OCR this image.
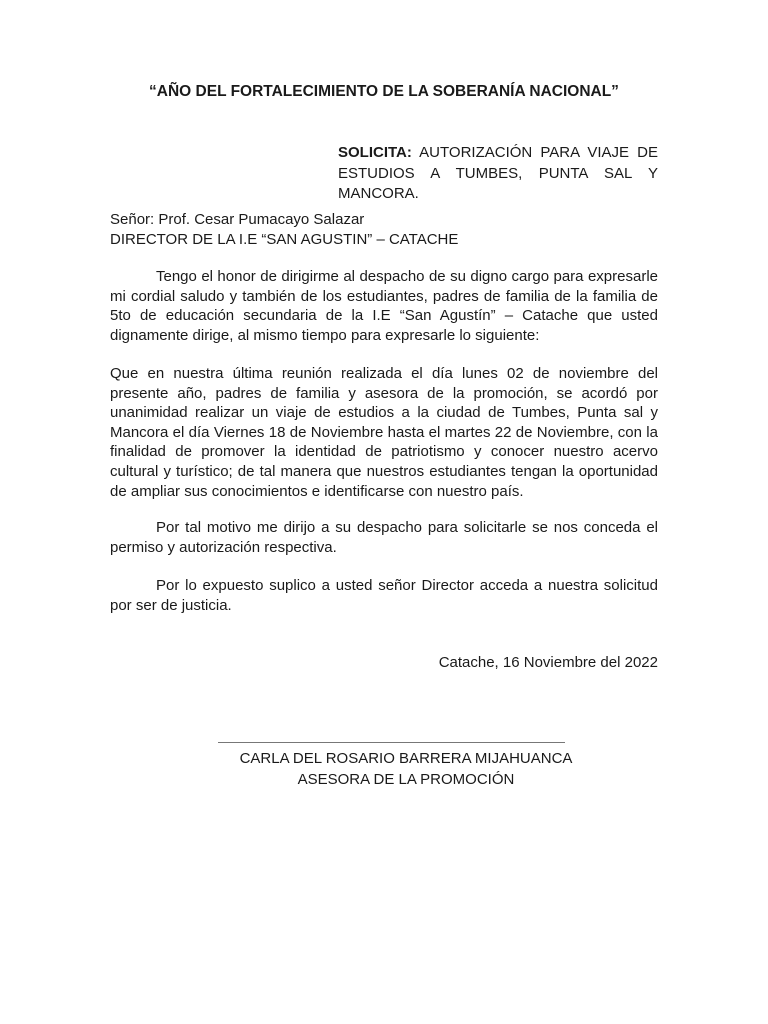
“AÑO DEL FORTALECIMIENTO DE LA SOBERANÍA NACIONAL”
SOLICITA: AUTORIZACIÓN PARA VIAJE DE ESTUDIOS A TUMBES, PUNTA SAL Y MANCORA.
Señor: Prof. Cesar Pumacayo Salazar
DIRECTOR DE LA I.E “SAN AGUSTIN” – CATACHE

Tengo el honor de dirigirme al despacho de su digno cargo para expresarle mi cordial saludo y también de los estudiantes, padres de familia de la familia de 5to de educación secundaria de la I.E “San Agustín” – Catache que usted dignamente dirige, al mismo tiempo para expresarle lo siguiente:

Que en nuestra última reunión realizada el día lunes 02 de noviembre del presente año, padres de familia y asesora de la promoción, se acordó por unanimidad realizar un viaje de estudios a la ciudad de Tumbes, Punta sal y Mancora el día Viernes 18 de Noviembre hasta el martes 22 de Noviembre, con la finalidad de promover la identidad de patriotismo y conocer nuestro acervo cultural y turístico; de tal manera que nuestros estudiantes tengan la oportunidad de ampliar sus conocimientos e identificarse con nuestro país.

Por tal motivo me dirijo a su despacho para solicitarle se nos conceda el permiso y autorización respectiva.

Por lo expuesto suplico a usted señor Director acceda a nuestra solicitud por ser de justicia.

Catache, 16 Noviembre del 2022
CARLA DEL ROSARIO BARRERA MIJAHUANCA
ASESORA DE LA PROMOCIÓN
